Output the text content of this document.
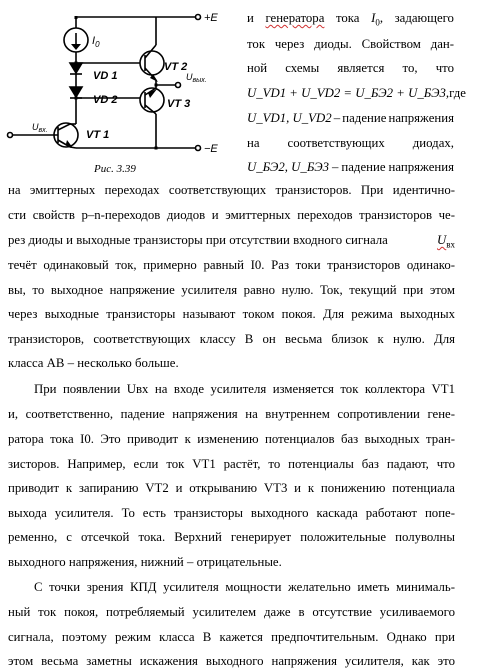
+E
−E
$I_0$
VD 1
VD 2
VT 2
VT 3
VT 1
$U_{вых.}$
$U_{вх.}$
Рис. 3.39
и генератора тока $I_0$, задающего
ток через диоды. Свойством дан-
ной схемы является то, что
U_VD1 + U_VD2 = U_БЭ2 + U_БЭ3, где
U_VD1, U_VD2 – падение напряжения
на соответствующих диодах,
U_БЭ2, U_БЭ3 – падение напряжения
на эмиттерных переходах соответствующих транзисторов. При идентично-
сти свойств p–n-переходов диодов и эмиттерных переходов транзисторов че-
рез диоды и выходные транзисторы при отсутствии входного сигнала	$U_{вх}$
течёт одинаковый ток, примерно равный I0. Раз токи транзисторов одинако-
вы, то выходное напряжение усилителя равно нулю. Ток, текущий при этом
через выходные транзисторы называют током покоя. Для режима выходных
транзисторов, соответствующих классу B он весьма близок к нулю. Для
класса AB – несколько больше.
При появлении Uвх на входе усилителя изменяется ток коллектора VT1
и, соответственно, падение напряжения на внутреннем сопротивлении гене-
ратора тока I0. Это приводит к изменению потенциалов баз выходных тран-
зисторов. Например, если ток VT1 растёт, то потенциалы баз падают, что
приводит к запиранию VT2 и открыванию VT3 и к понижению потенциала
выхода усилителя. То есть транзисторы выходного каскада работают попе-
ременно, с отсечкой тока. Верхний генерирует положительные полуволны
выходного напряжения, нижний – отрицательные.
С точки зрения КПД усилителя мощности желательно иметь минималь-
ный ток покоя, потребляемый усилителем даже в отсутствие усиливаемого
сигнала, поэтому режим класса B кажется предпочтительным. Однако при
этом весьма заметны искажения выходного напряжения усилителя, как это
